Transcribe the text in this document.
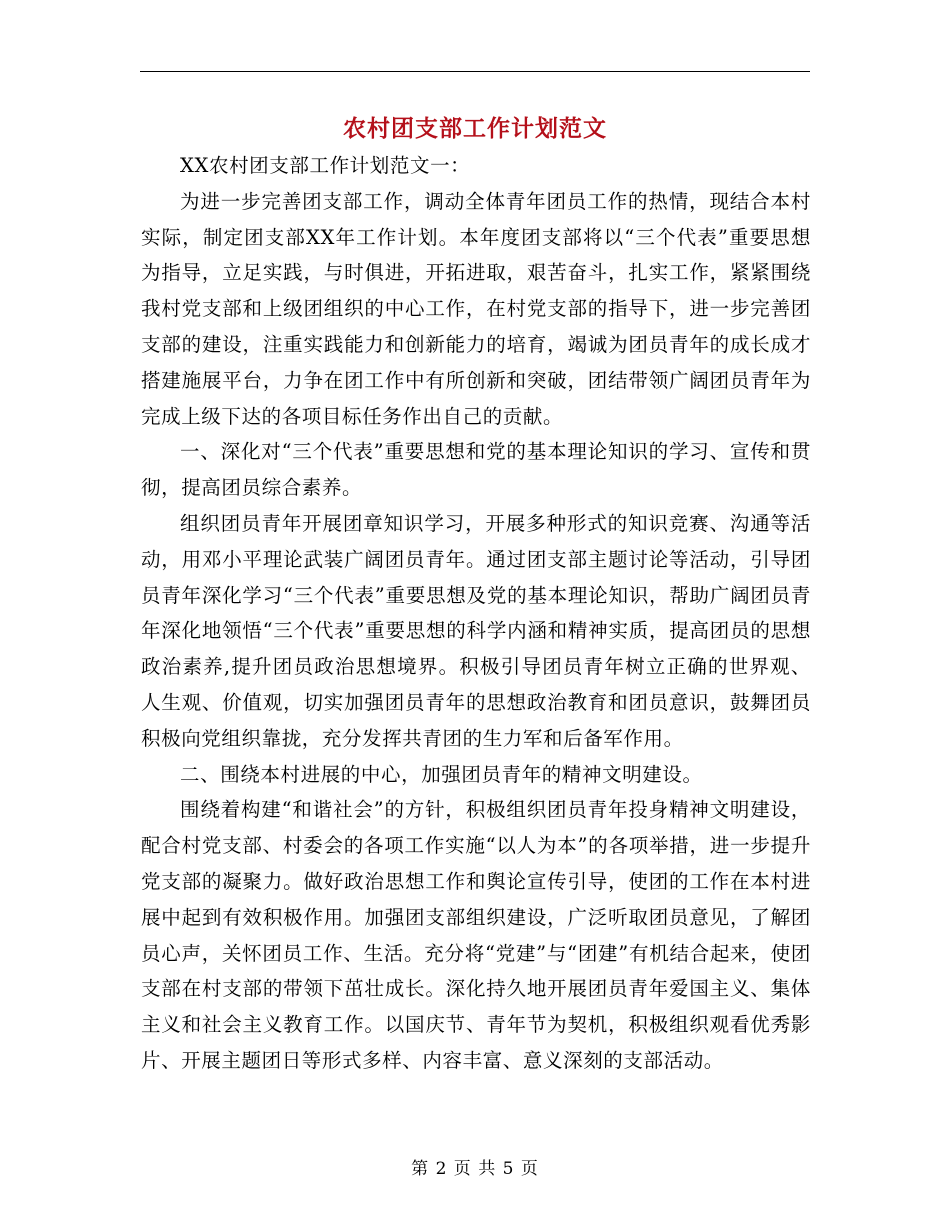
农村团支部工作计划范文

XX农村团支部工作计划范文一：

为进一步完善团支部工作，调动全体青年团员工作的热情，现结合本村实际，制定团支部XX年工作计划。本年度团支部将以“三个代表”重要思想为指导，立足实践，与时俱进，开拓进取，艰苦奋斗，扎实工作，紧紧围绕我村党支部和上级团组织的中心工作，在村党支部的指导下，进一步完善团支部的建设，注重实践能力和创新能力的培育，竭诚为团员青年的成长成才搭建施展平台，力争在团工作中有所创新和突破，团结带领广阔团员青年为完成上级下达的各项目标任务作出自己的贡献。

一、深化对“三个代表”重要思想和党的基本理论知识的学习、宣传和贯彻，提高团员综合素养。

组织团员青年开展团章知识学习，开展多种形式的知识竞赛、沟通等活动，用邓小平理论武装广阔团员青年。通过团支部主题讨论等活动，引导团员青年深化学习“三个代表”重要思想及党的基本理论知识，帮助广阔团员青年深化地领悟“三个代表”重要思想的科学内涵和精神实质，提高团员的思想政治素养,提升团员政治思想境界。积极引导团员青年树立正确的世界观、人生观、价值观，切实加强团员青年的思想政治教育和团员意识，鼓舞团员积极向党组织靠拢，充分发挥共青团的生力军和后备军作用。

二、围绕本村进展的中心，加强团员青年的精神文明建设。

围绕着构建“和谐社会”的方针，积极组织团员青年投身精神文明建设，配合村党支部、村委会的各项工作实施“以人为本”的各项举措，进一步提升党支部的凝聚力。做好政治思想工作和舆论宣传引导，使团的工作在本村进展中起到有效积极作用。加强团支部组织建设，广泛听取团员意见，了解团员心声，关怀团员工作、生活。充分将“党建”与“团建”有机结合起来，使团支部在村支部的带领下茁壮成长。深化持久地开展团员青年爱国主义、集体主义和社会主义教育工作。以国庆节、青年节为契机，积极组织观看优秀影片、开展主题团日等形式多样、内容丰富、意义深刻的支部活动。

第 2 页 共 5 页
